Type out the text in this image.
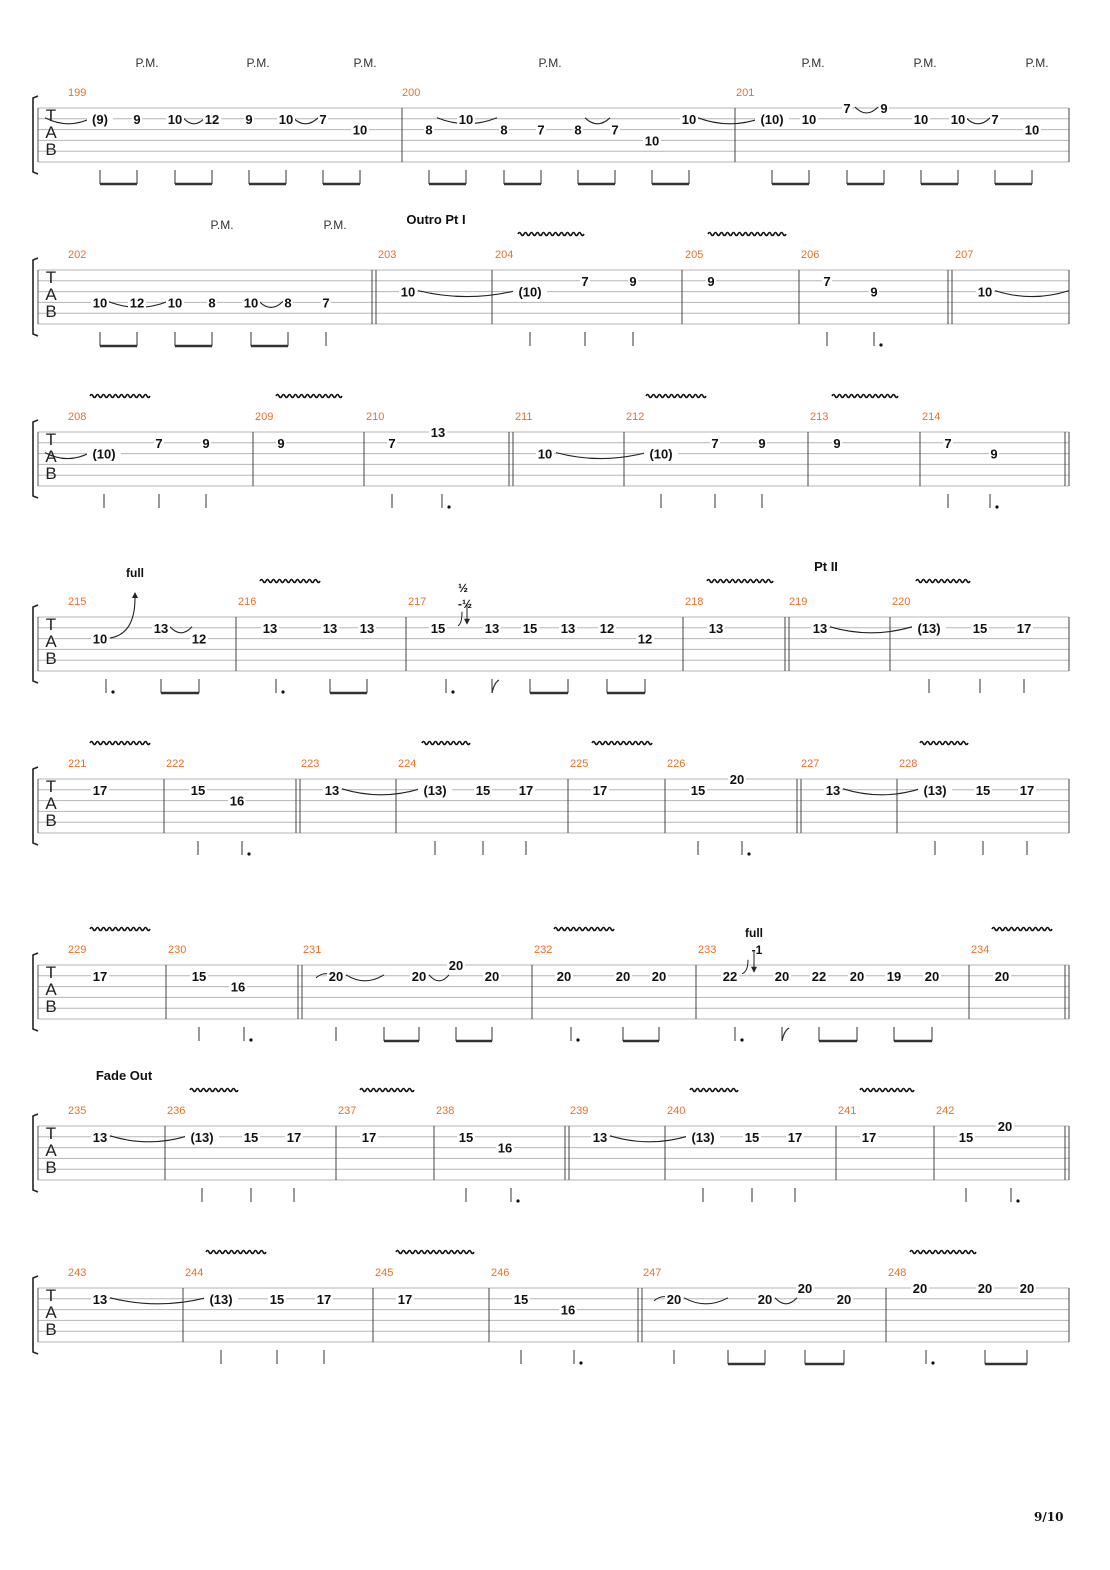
T
A
B
199	200	201
(9) 9 10 12 9 10 7
10	8
10
8 7 8 7
10
10	(10) 10
7 9
10 10 7
10
P.M.	P.M.	P.M.	P.M.	P.M.	P.M.	P.M.
T
A
B
202	203	204	205	206	207
10 12 10 8 10 8 7
10	(10)
7	9	9	7
9	10
P.M.	P.M.	Outro Pt I
T
A
B
208	209	210	211	212	213	214
(10)
7	9	9	7
13
10	(10)
7	9	9	7
9
T
A
B
215	216	217	218	219	220
10
13
12
13	13 13	15	13 15 13 12
12
13	13	(13) 15 17
Pt II
full
½
-½
T
A
B
221	222	223	224	225	226	227	228
17	15
16
13	(13) 15 17	17	15
20
13	(13) 15 17
T
A
B
229	230	231	232	233	234
17	15
16
20	20
20
20	20	20 20	22	20 22 20 19 20	20
full
-1
T
A
B
235	236	237	238	239	240	241	242
13	(13) 15 17	17	15
16
13	(13) 15 17	17	15
20
Fade Out
T
A
B
243	244	245	246	247	248
13	(13)	15	17	17	15
16
20	20
20
20
20	20 20
9/10
